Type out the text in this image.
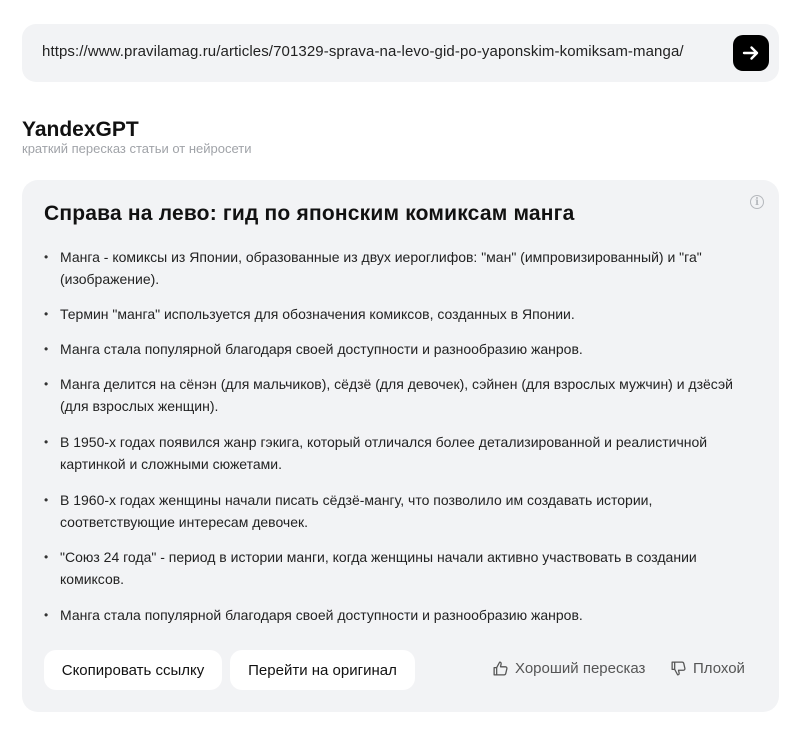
https://www.pravilamag.ru/articles/701329-sprava-na-levo-gid-po-yaponskim-komiksam-manga/
YandexGPT
краткий пересказ статьи от нейросети
i
Справа на лево: гид по японским комиксам манга
• Манга - комиксы из Японии, образованные из двух иероглифов: "ман" (импровизированный) и "га" (изображение).
• Термин "манга" используется для обозначения комиксов, созданных в Японии.
• Манга стала популярной благодаря своей доступности и разнообразию жанров.
• Манга делится на сёнэн (для мальчиков), сёдзё (для девочек), сэйнен (для взрослых мужчин) и дзёсэй (для взрослых женщин).
• В 1950-х годах появился жанр гэкига, который отличался более детализированной и реалистичной картинкой и сложными сюжетами.
• В 1960-х годах женщины начали писать сёдзё-мангу, что позволило им создавать истории, соответствующие интересам девочек.
• "Союз 24 года" - период в истории манги, когда женщины начали активно участвовать в создании комиксов.
• Манга стала популярной благодаря своей доступности и разнообразию жанров.
Скопировать ссылку	Перейти на оригинал	Хороший пересказ	Плохой
